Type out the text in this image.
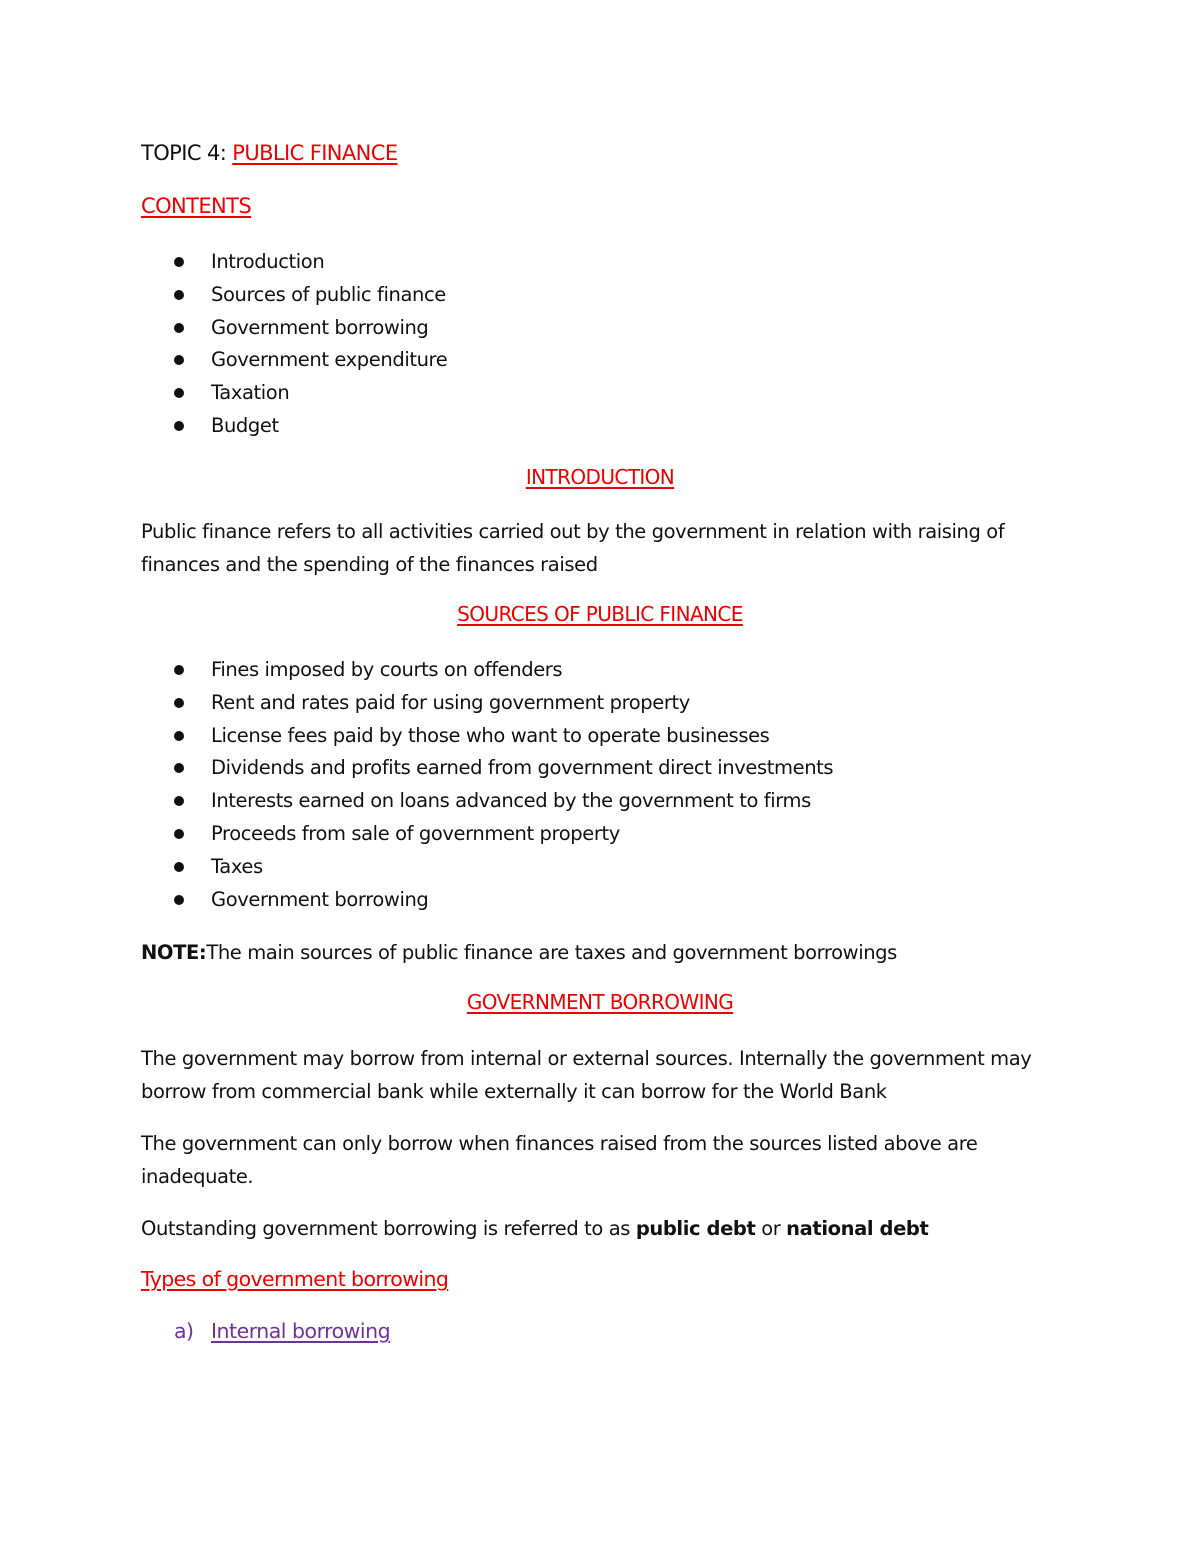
TOPIC 4: PUBLIC FINANCE
CONTENTS
Introduction
Sources of public finance
Government borrowing
Government expenditure
Taxation
Budget
INTRODUCTION

Public finance refers to all activities carried out by the government in relation with raising of finances and the spending of the finances raised

SOURCES OF PUBLIC FINANCE
Fines imposed by courts on offenders
Rent and rates paid for using government property
License fees paid by those who want to operate businesses
Dividends and profits earned from government direct investments
Interests earned on loans advanced by the government to firms
Proceeds from sale of government property
Taxes
Government borrowing

NOTE:The main sources of public finance are taxes and government borrowings

GOVERNMENT BORROWING

The government may borrow from internal or external sources. Internally the government may borrow from commercial bank while externally it can borrow for the World Bank

The government can only borrow when finances raised from the sources listed above are inadequate.

Outstanding government borrowing is referred to as public debt or national debt

Types of government borrowing
a) Internal borrowing
